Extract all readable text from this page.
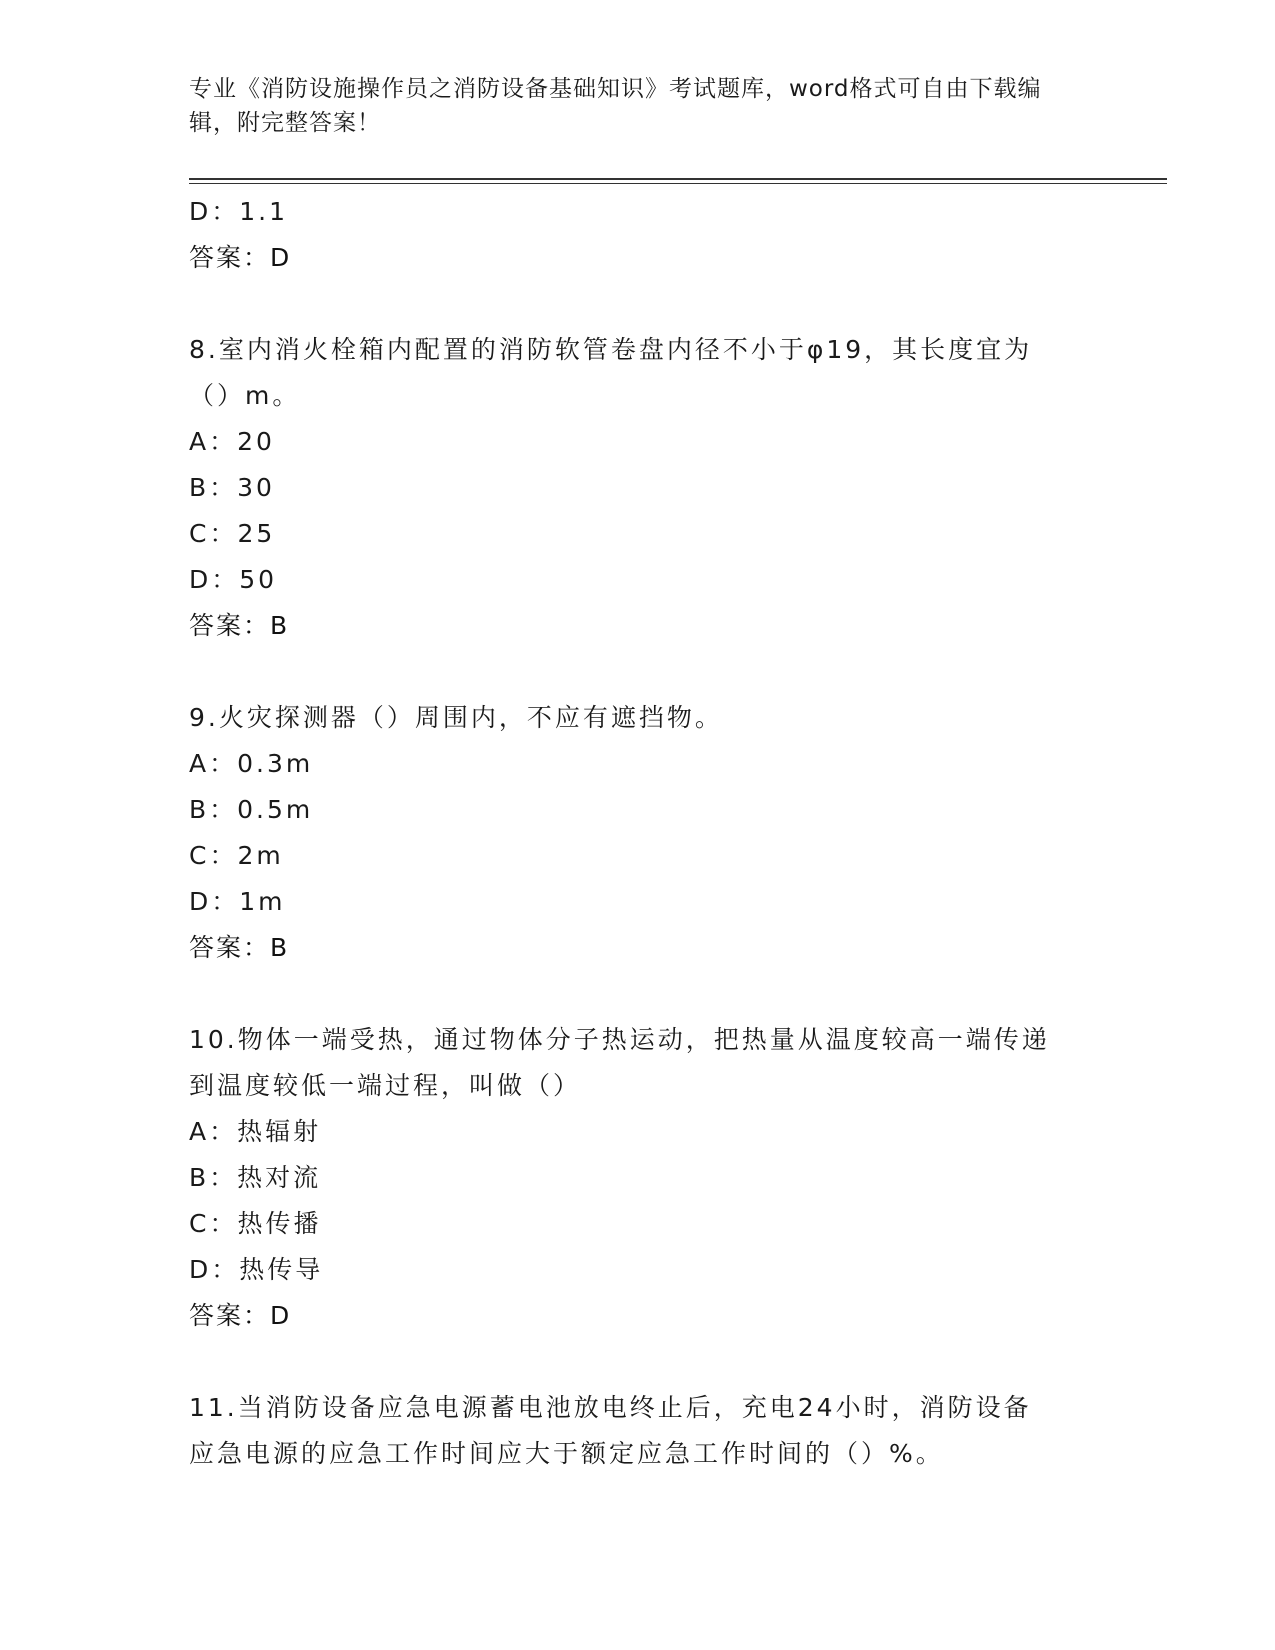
专业《消防设施操作员之消防设备基础知识》考试题库，word格式可自由下载编
辑，附完整答案！
D：1.1
答案：D
8.室内消火栓箱内配置的消防软管卷盘内径不小于φ19，其长度宜为
（）m。
A：20
B：30
C：25
D：50
答案：B
9.火灾探测器（）周围内，不应有遮挡物。
A：0.3m
B：0.5m
C：2m
D：1m
答案：B
10.物体一端受热，通过物体分子热运动，把热量从温度较高一端传递
到温度较低一端过程，叫做（）
A：热辐射
B：热对流
C：热传播
D：热传导
答案：D
11.当消防设备应急电源蓄电池放电终止后，充电24小时，消防设备
应急电源的应急工作时间应大于额定应急工作时间的（）%。
